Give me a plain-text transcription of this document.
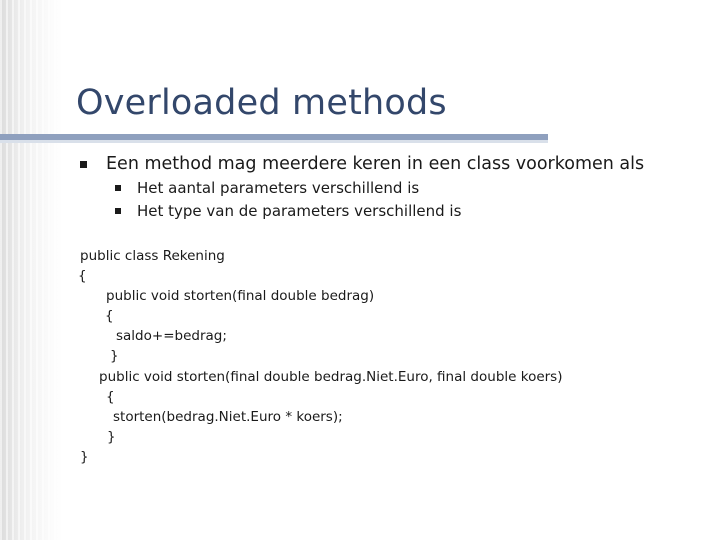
Overloaded methods
Een method mag meerdere keren in een class voorkomen als
Het aantal parameters verschillend is
Het type van de parameters verschillend is
public class Rekening
{
public void storten(final double bedrag)
{
saldo+=bedrag;
}
public void storten(final double bedrag.Niet.Euro, final double koers)
{
storten(bedrag.Niet.Euro * koers);
}
}
